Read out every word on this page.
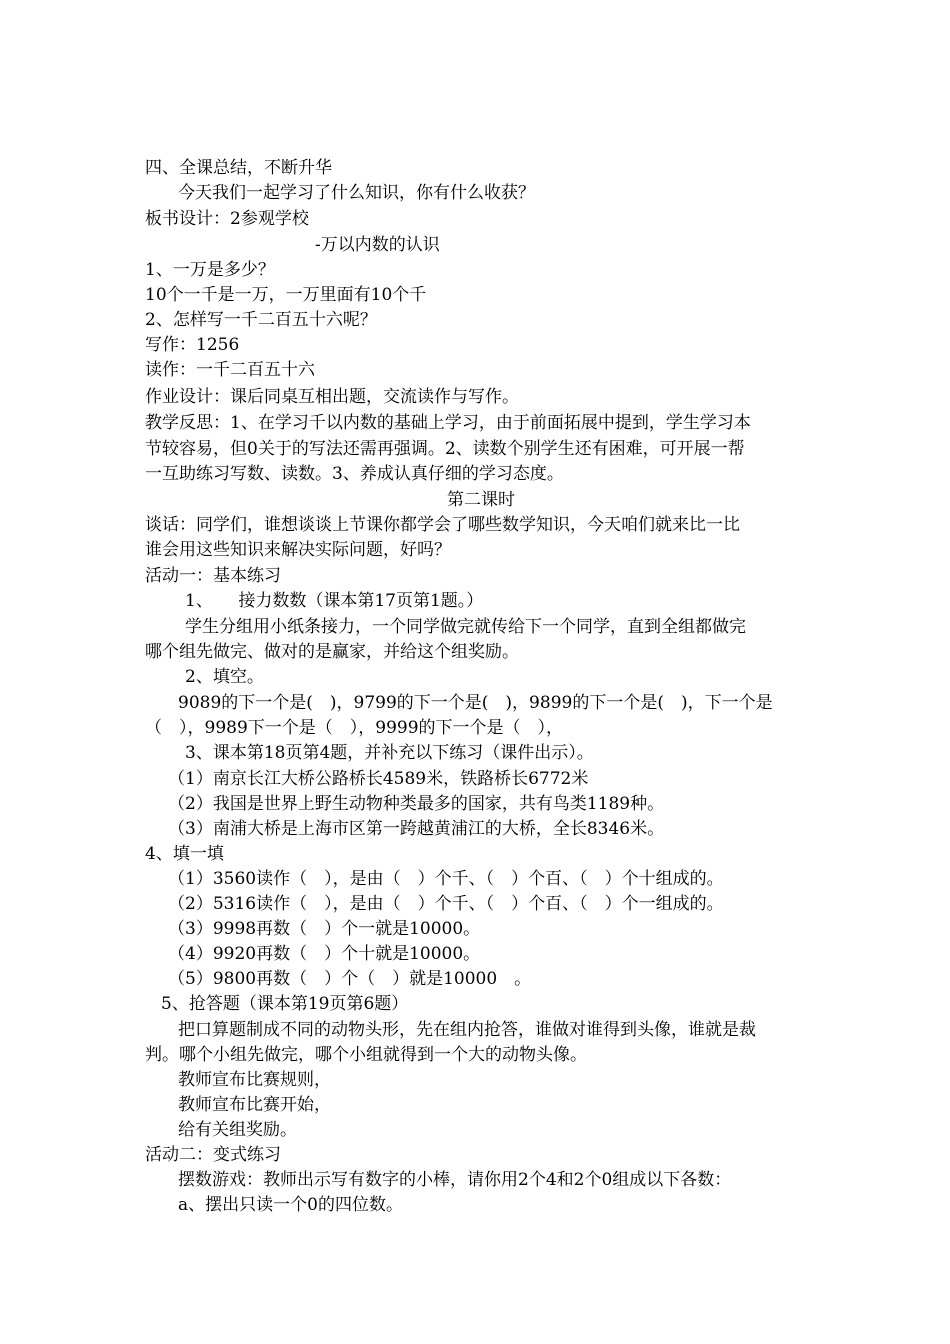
四、全课总结，不断升华
今天我们一起学习了什么知识，你有什么收获？
板书设计：2参观学校
-万以内数的认识
1、一万是多少？
10个一千是一万，一万里面有10个千
2、怎样写一千二百五十六呢？
写作：1256
读作：一千二百五十六
作业设计：课后同桌互相出题，交流读作与写作。
教学反思：1、在学习千以内数的基础上学习，由于前面拓展中提到，学生学习本
节较容易，但0关于的写法还需再强调。2、读数个别学生还有困难，可开展一帮
一互助练习写数、读数。3、养成认真仔细的学习态度。
第二课时
谈话：同学们，谁想谈谈上节课你都学会了哪些数学知识，今天咱们就来比一比
谁会用这些知识来解决实际问题，好吗？
活动一：基本练习
1、　　接力数数（课本第17页第1题。）
学生分组用小纸条接力，一个同学做完就传给下一个同学，直到全组都做完
哪个组先做完、做对的是赢家，并给这个组奖励。
2、填空。
9089的下一个是(　)，9799的下一个是(　)，9899的下一个是(　)，下一个是
（　），9989下一个是（　），9999的下一个是（　），
3、课本第18页第4题，并补充以下练习（课件出示）。
（1）南京长江大桥公路桥长4589米，铁路桥长6772米
（2）我国是世界上野生动物种类最多的国家，共有鸟类1189种。
（3）南浦大桥是上海市区第一跨越黄浦江的大桥，全长8346米。
4、填一填
（1）3560读作（　），是由（　）个千、（　）个百、（　）个十组成的。
（2）5316读作（　），是由（　）个千、（　）个百、（　）个一组成的。
（3）9998再数（　）个一就是10000。
（4）9920再数（　）个十就是10000。
（5）9800再数（　）个（　）就是10000　。
5、抢答题（课本第19页第6题）
把口算题制成不同的动物头形，先在组内抢答，谁做对谁得到头像，谁就是裁
判。哪个小组先做完，哪个小组就得到一个大的动物头像。
教师宣布比赛规则，
教师宣布比赛开始，
给有关组奖励。
活动二：变式练习
摆数游戏：教师出示写有数字的小棒，请你用2个4和2个0组成以下各数：
a、摆出只读一个0的四位数。
